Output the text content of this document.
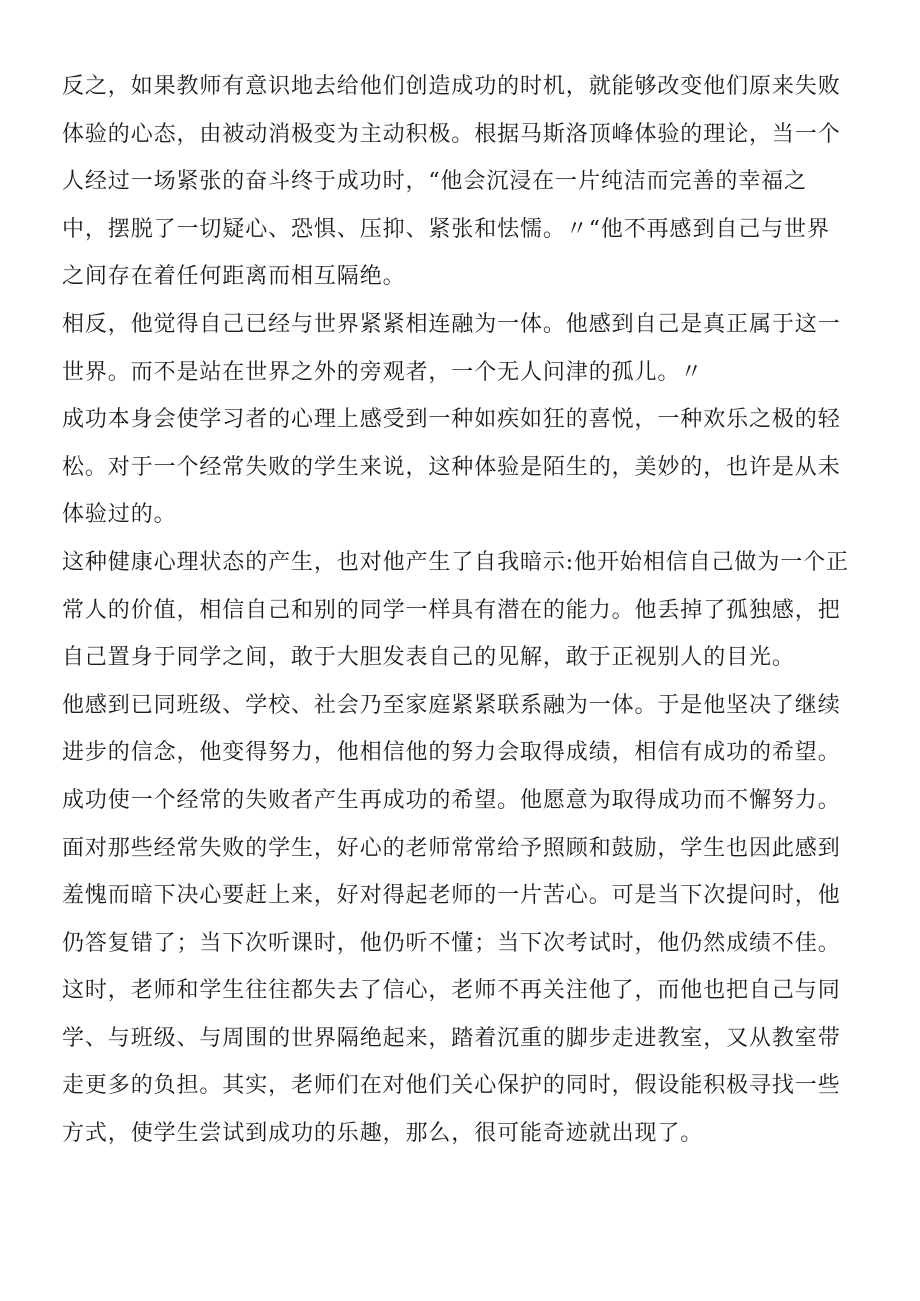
反之，如果教师有意识地去给他们创造成功的时机，就能够改变他们原来失败
体验的心态，由被动消极变为主动积极。根据马斯洛顶峰体验的理论，当一个
人经过一场紧张的奋斗终于成功时，“他会沉浸在一片纯洁而完善的幸福之
中，摆脱了一切疑心、恐惧、压抑、紧张和怯懦。〃“他不再感到自己与世界
之间存在着任何距离而相互隔绝。
相反，他觉得自己已经与世界紧紧相连融为一体。他感到自己是真正属于这一
世界。而不是站在世界之外的旁观者，一个无人问津的孤儿。〃
成功本身会使学习者的心理上感受到一种如疾如狂的喜悦，一种欢乐之极的轻
松。对于一个经常失败的学生来说，这种体验是陌生的，美妙的，也许是从未
体验过的。
这种健康心理状态的产生，也对他产生了自我暗示:他开始相信自己做为一个正
常人的价值，相信自己和别的同学一样具有潜在的能力。他丢掉了孤独感，把
自己置身于同学之间，敢于大胆发表自己的见解，敢于正视别人的目光。
他感到已同班级、学校、社会乃至家庭紧紧联系融为一体。于是他坚决了继续
进步的信念，他变得努力，他相信他的努力会取得成绩，相信有成功的希望。
成功使一个经常的失败者产生再成功的希望。他愿意为取得成功而不懈努力。
面对那些经常失败的学生，好心的老师常常给予照顾和鼓励，学生也因此感到
羞愧而暗下决心要赶上来，好对得起老师的一片苦心。可是当下次提问时，他
仍答复错了；当下次听课时，他仍听不懂；当下次考试时，他仍然成绩不佳。
这时，老师和学生往往都失去了信心，老师不再关注他了，而他也把自己与同
学、与班级、与周围的世界隔绝起来，踏着沉重的脚步走进教室，又从教室带
走更多的负担。其实，老师们在对他们关心保护的同时，假设能积极寻找一些
方式，使学生尝试到成功的乐趣，那么，很可能奇迹就出现了。
